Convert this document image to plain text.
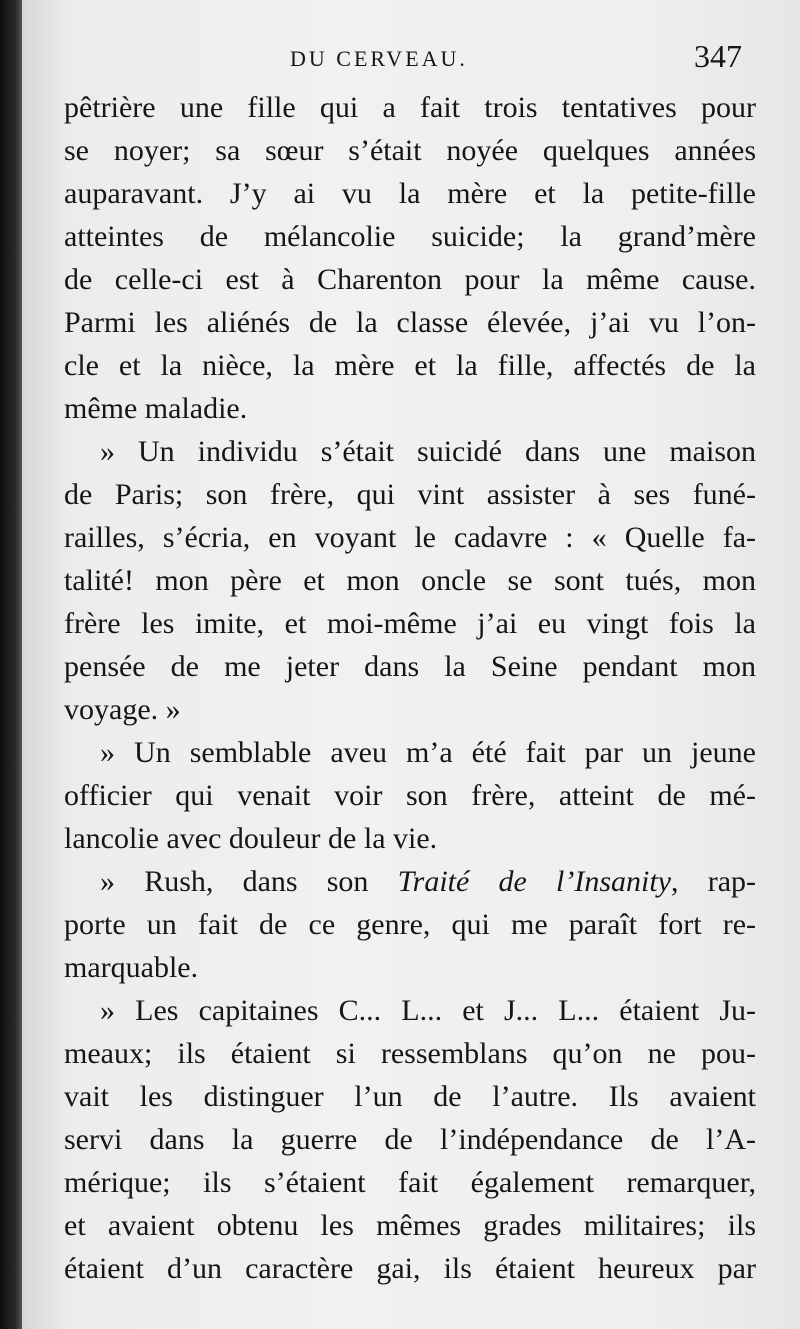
DU CERVEAU.	347
pêtrière une fille qui a fait trois tentatives pour
se noyer; sa sœur s’était noyée quelques années
auparavant. J’y ai vu la mère et la petite-fille
atteintes de mélancolie suicide; la grand’mère
de celle-ci est à Charenton pour la même cause.
Parmi les aliénés de la classe élevée, j’ai vu l’on-
cle et la nièce, la mère et la fille, affectés de la
même maladie.
» Un individu s’était suicidé dans une maison
de Paris; son frère, qui vint assister à ses funé-
railles, s’écria, en voyant le cadavre : « Quelle fa-
talité! mon père et mon oncle se sont tués, mon
frère les imite, et moi-même j’ai eu vingt fois la
pensée de me jeter dans la Seine pendant mon
voyage. »
» Un semblable aveu m’a été fait par un jeune
officier qui venait voir son frère, atteint de mé-
lancolie avec douleur de la vie.
» Rush, dans son Traité de l’Insanity, rap-
porte un fait de ce genre, qui me paraît fort re-
marquable.
» Les capitaines C... L... et J... L... étaient Ju-
meaux; ils étaient si ressemblans qu’on ne pou-
vait les distinguer l’un de l’autre. Ils avaient
servi dans la guerre de l’indépendance de l’A-
mérique; ils s’étaient fait également remarquer,
et avaient obtenu les mêmes grades militaires; ils
étaient d’un caractère gai, ils étaient heureux par
